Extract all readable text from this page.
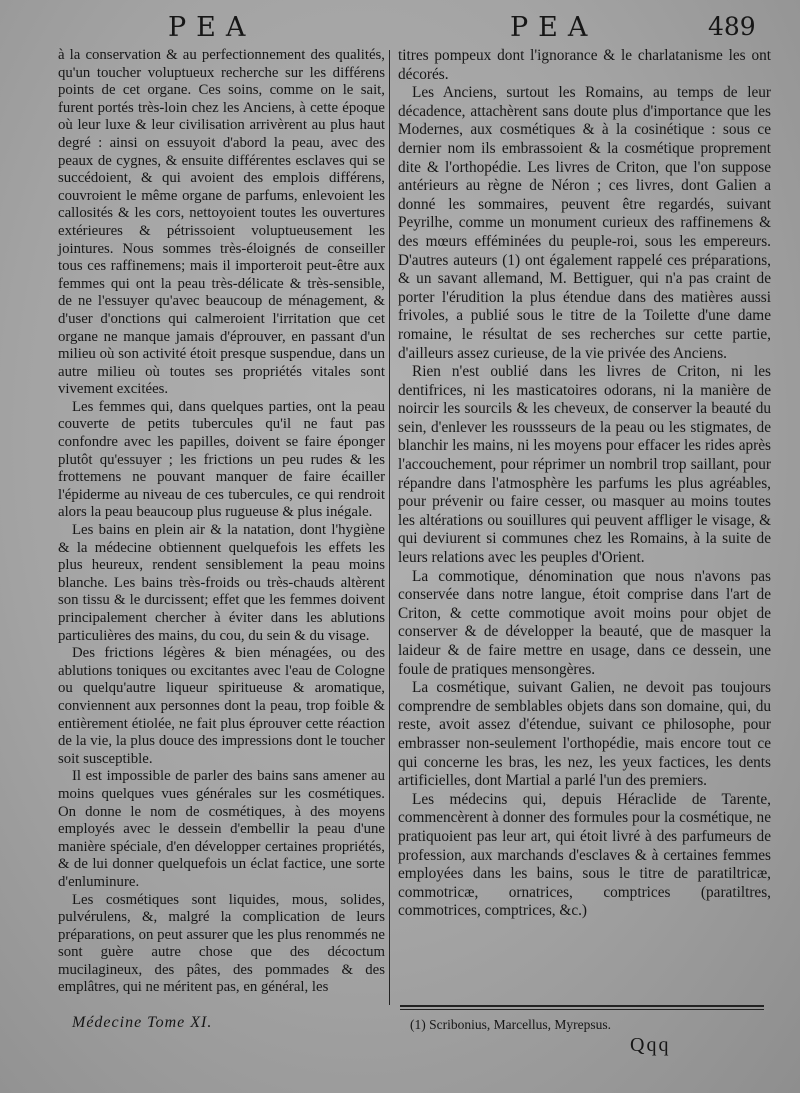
PEA	PEA	489

à la conservation & au perfectionnement des qualités, qu'un toucher voluptueux recherche sur les différens points de cet organe. Ces soins, comme on le sait, furent portés très-loin chez les Anciens, à cette époque où leur luxe & leur civilisation arrivèrent au plus haut degré : ainsi on essuyoit d'abord la peau, avec des peaux de cygnes, & ensuite différentes esclaves qui se succédoient, & qui avoient des emplois différens, couvroient le même organe de parfums, enlevoient les callosités & les cors, nettoyoient toutes les ouvertures extérieures & pétrissoient voluptueusement les jointures. Nous sommes très-éloignés de conseiller tous ces raffinemens; mais il importeroit peut-être aux femmes qui ont la peau très-délicate & très-sensible, de ne l'essuyer qu'avec beaucoup de ménagement, & d'user d'onctions qui calmeroient l'irritation que cet organe ne manque jamais d'éprouver, en passant d'un milieu où son activité étoit presque suspendue, dans un autre milieu où toutes ses propriétés vitales sont vivement excitées.

Les femmes qui, dans quelques parties, ont la peau couverte de petits tubercules qu'il ne faut pas confondre avec les papilles, doivent se faire éponger plutôt qu'essuyer ; les frictions un peu rudes & les frottemens ne pouvant manquer de faire écailler l'épiderme au niveau de ces tubercules, ce qui rendroit alors la peau beaucoup plus rugueuse & plus inégale.

Les bains en plein air & la natation, dont l'hygiène & la médecine obtiennent quelquefois les effets les plus heureux, rendent sensiblement la peau moins blanche. Les bains très-froids ou très-chauds altèrent son tissu & le durcissent; effet que les femmes doivent principalement chercher à éviter dans les ablutions particulières des mains, du cou, du sein & du visage.

Des frictions légères & bien ménagées, ou des ablutions toniques ou excitantes avec l'eau de Cologne ou quelqu'autre liqueur spiritueuse & aromatique, conviennent aux personnes dont la peau, trop foible & entièrement étiolée, ne fait plus éprouver cette réaction de la vie, la plus douce des impressions dont le toucher soit susceptible.

Il est impossible de parler des bains sans amener au moins quelques vues générales sur les cosmétiques. On donne le nom de cosmétiques, à des moyens employés avec le dessein d'embellir la peau d'une manière spéciale, d'en développer certaines propriétés, & de lui donner quelquefois un éclat factice, une sorte d'enluminure.

Les cosmétiques sont liquides, mous, solides, pulvérulens, &, malgré la complication de leurs préparations, on peut assurer que les plus renommés ne sont guère autre chose que des décoctum mucilagineux, des pâtes, des pommades & des emplâtres, qui ne méritent pas, en général, les

titres pompeux dont l'ignorance & le charlatanisme les ont décorés.

Les Anciens, surtout les Romains, au temps de leur décadence, attachèrent sans doute plus d'importance que les Modernes, aux cosmétiques & à la cosinétique : sous ce dernier nom ils embrassoient & la cosmétique proprement dite & l'orthopédie. Les livres de Criton, que l'on suppose antérieurs au règne de Néron ; ces livres, dont Galien a donné les sommaires, peuvent être regardés, suivant Peyrilhe, comme un monument curieux des raffinemens & des mœurs efféminées du peuple-roi, sous les empereurs. D'autres auteurs (1) ont également rappelé ces préparations, & un savant allemand, M. Bettiguer, qui n'a pas craint de porter l'érudition la plus étendue dans des matières aussi frivoles, a publié sous le titre de la Toilette d'une dame romaine, le résultat de ses recherches sur cette partie, d'ailleurs assez curieuse, de la vie privée des Anciens.

Rien n'est oublié dans les livres de Criton, ni les dentifrices, ni les masticatoires odorans, ni la manière de noircir les sourcils & les cheveux, de conserver la beauté du sein, d'enlever les roussseurs de la peau ou les stigmates, de blanchir les mains, ni les moyens pour effacer les rides après l'accouchement, pour réprimer un nombril trop saillant, pour répandre dans l'atmosphère les parfums les plus agréables, pour prévenir ou faire cesser, ou masquer au moins toutes les altérations ou souillures qui peuvent affliger le visage, & qui deviurent si communes chez les Romains, à la suite de leurs relations avec les peuples d'Orient.

La commotique, dénomination que nous n'avons pas conservée dans notre langue, étoit comprise dans l'art de Criton, & cette commotique avoit moins pour objet de conserver & de développer la beauté, que de masquer la laideur & de faire mettre en usage, dans ce dessein, une foule de pratiques mensongères.

La cosmétique, suivant Galien, ne devoit pas toujours comprendre de semblables objets dans son domaine, qui, du reste, avoit assez d'étendue, suivant ce philosophe, pour embrasser non-seulement l'orthopédie, mais encore tout ce qui concerne les bras, les nez, les yeux factices, les dents artificielles, dont Martial a parlé l'un des premiers.

Les médecins qui, depuis Héraclide de Tarente, commencèrent à donner des formules pour la cosmétique, ne pratiquoient pas leur art, qui étoit livré à des parfumeurs de profession, aux marchands d'esclaves & à certaines femmes employées dans les bains, sous le titre de paratiltricæ, commotricæ, ornatrices, comptrices (paratiltres, commotrices, comptrices, &c.)

Médecine Tome XI.	(1) Scribonius, Marcellus, Myrepsus.
Qqq
